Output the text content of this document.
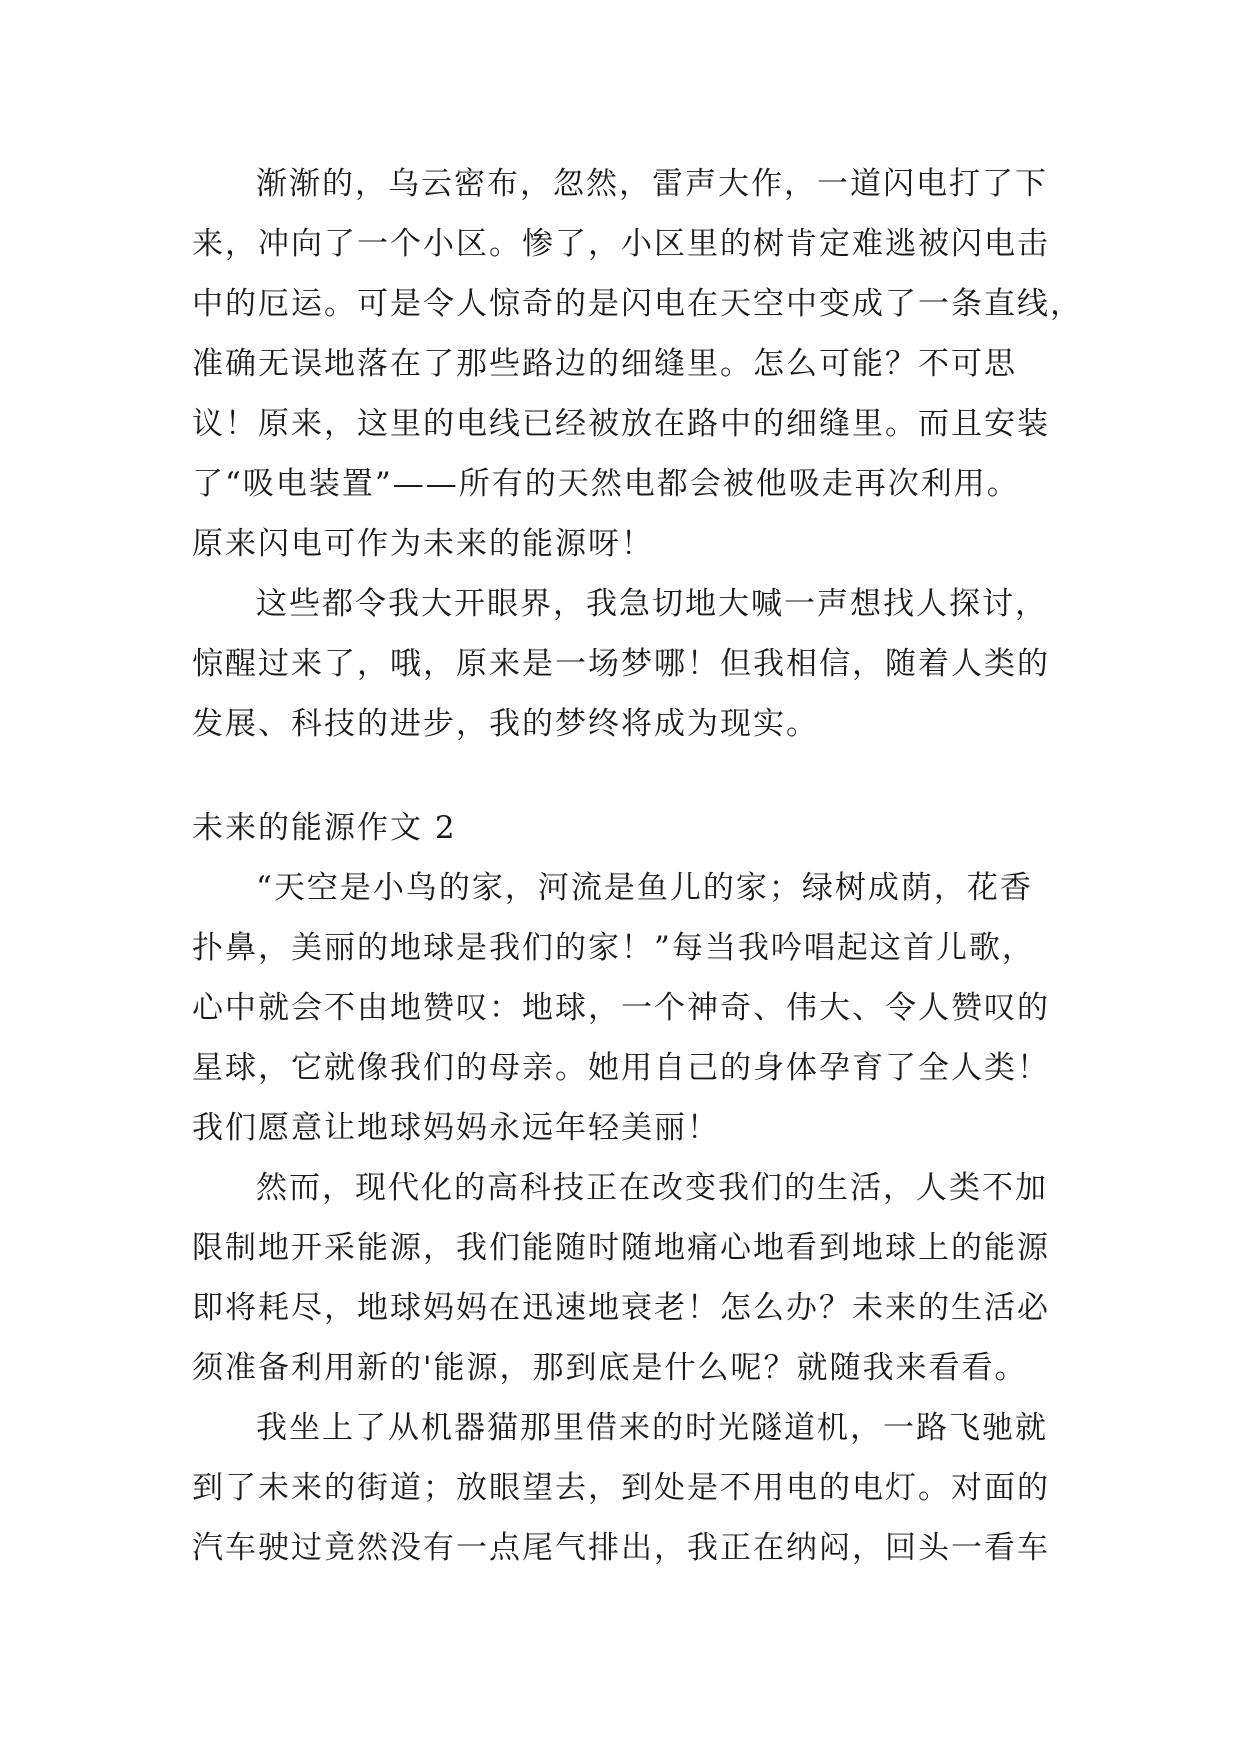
渐渐的，乌云密布，忽然，雷声大作，一道闪电打了下
来，冲向了一个小区。惨了，小区里的树肯定难逃被闪电击
中的厄运。可是令人惊奇的是闪电在天空中变成了一条直线，
准确无误地落在了那些路边的细缝里。怎么可能？不可思
议！原来，这里的电线已经被放在路中的细缝里。而且安装
了“吸电装置”——所有的天然电都会被他吸走再次利用。
原来闪电可作为未来的能源呀！
这些都令我大开眼界，我急切地大喊一声想找人探讨，
惊醒过来了，哦，原来是一场梦哪！但我相信，随着人类的
发展、科技的进步，我的梦终将成为现实。
未来的能源作文 2
“天空是小鸟的家，河流是鱼儿的家；绿树成荫，花香
扑鼻，美丽的地球是我们的家！”每当我吟唱起这首儿歌，
心中就会不由地赞叹：地球，一个神奇、伟大、令人赞叹的
星球，它就像我们的母亲。她用自己的身体孕育了全人类！
我们愿意让地球妈妈永远年轻美丽！
然而，现代化的高科技正在改变我们的生活，人类不加
限制地开采能源，我们能随时随地痛心地看到地球上的能源
即将耗尽，地球妈妈在迅速地衰老！怎么办？未来的生活必
须准备利用新的'能源，那到底是什么呢？就随我来看看。
我坐上了从机器猫那里借来的时光隧道机，一路飞驰就
到了未来的街道；放眼望去，到处是不用电的电灯。对面的
汽车驶过竟然没有一点尾气排出，我正在纳闷，回头一看车
